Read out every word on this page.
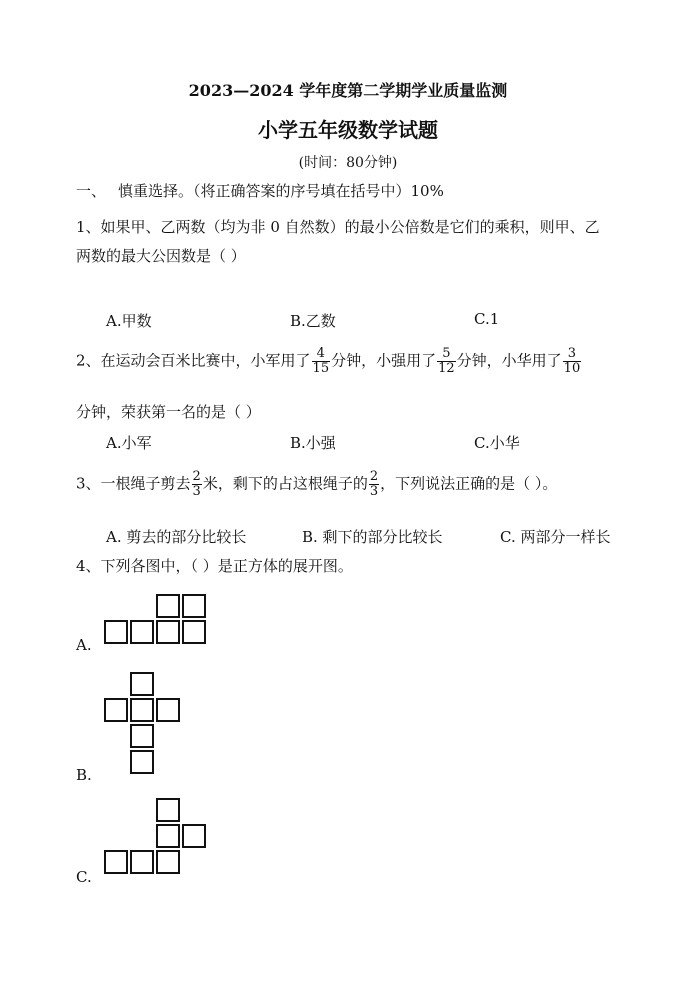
2023—2024 学年度第二学期学业质量监测
小学五年级数学试题
(时间：80分钟)
一、 慎重选择。（将正确答案的序号填在括号中）10%
1、如果甲、乙两数（均为非 0 自然数）的最小公倍数是它们的乘积，则甲、乙
两数的最大公因数是（ ）
A.甲数	B.乙数	C.1
2、在运动会百米比赛中，小军用了 $\frac{4}{15}$ 分钟，小强用了 $\frac{5}{12}$ 分钟，小华用了 $\frac{3}{10}$
分钟，荣获第一名的是（ ）
A.小军	B.小强	C.小华
3、一根绳子剪去 $\frac{2}{3}$ 米，剩下的占这根绳子的 $\frac{2}{3}$ ，下列说法正确的是（ ）。
A. 剪去的部分比较长	B. 剩下的部分比较长	C. 两部分一样长
4、下列各图中，（ ）是正方体的展开图。
A.
B.
C.
